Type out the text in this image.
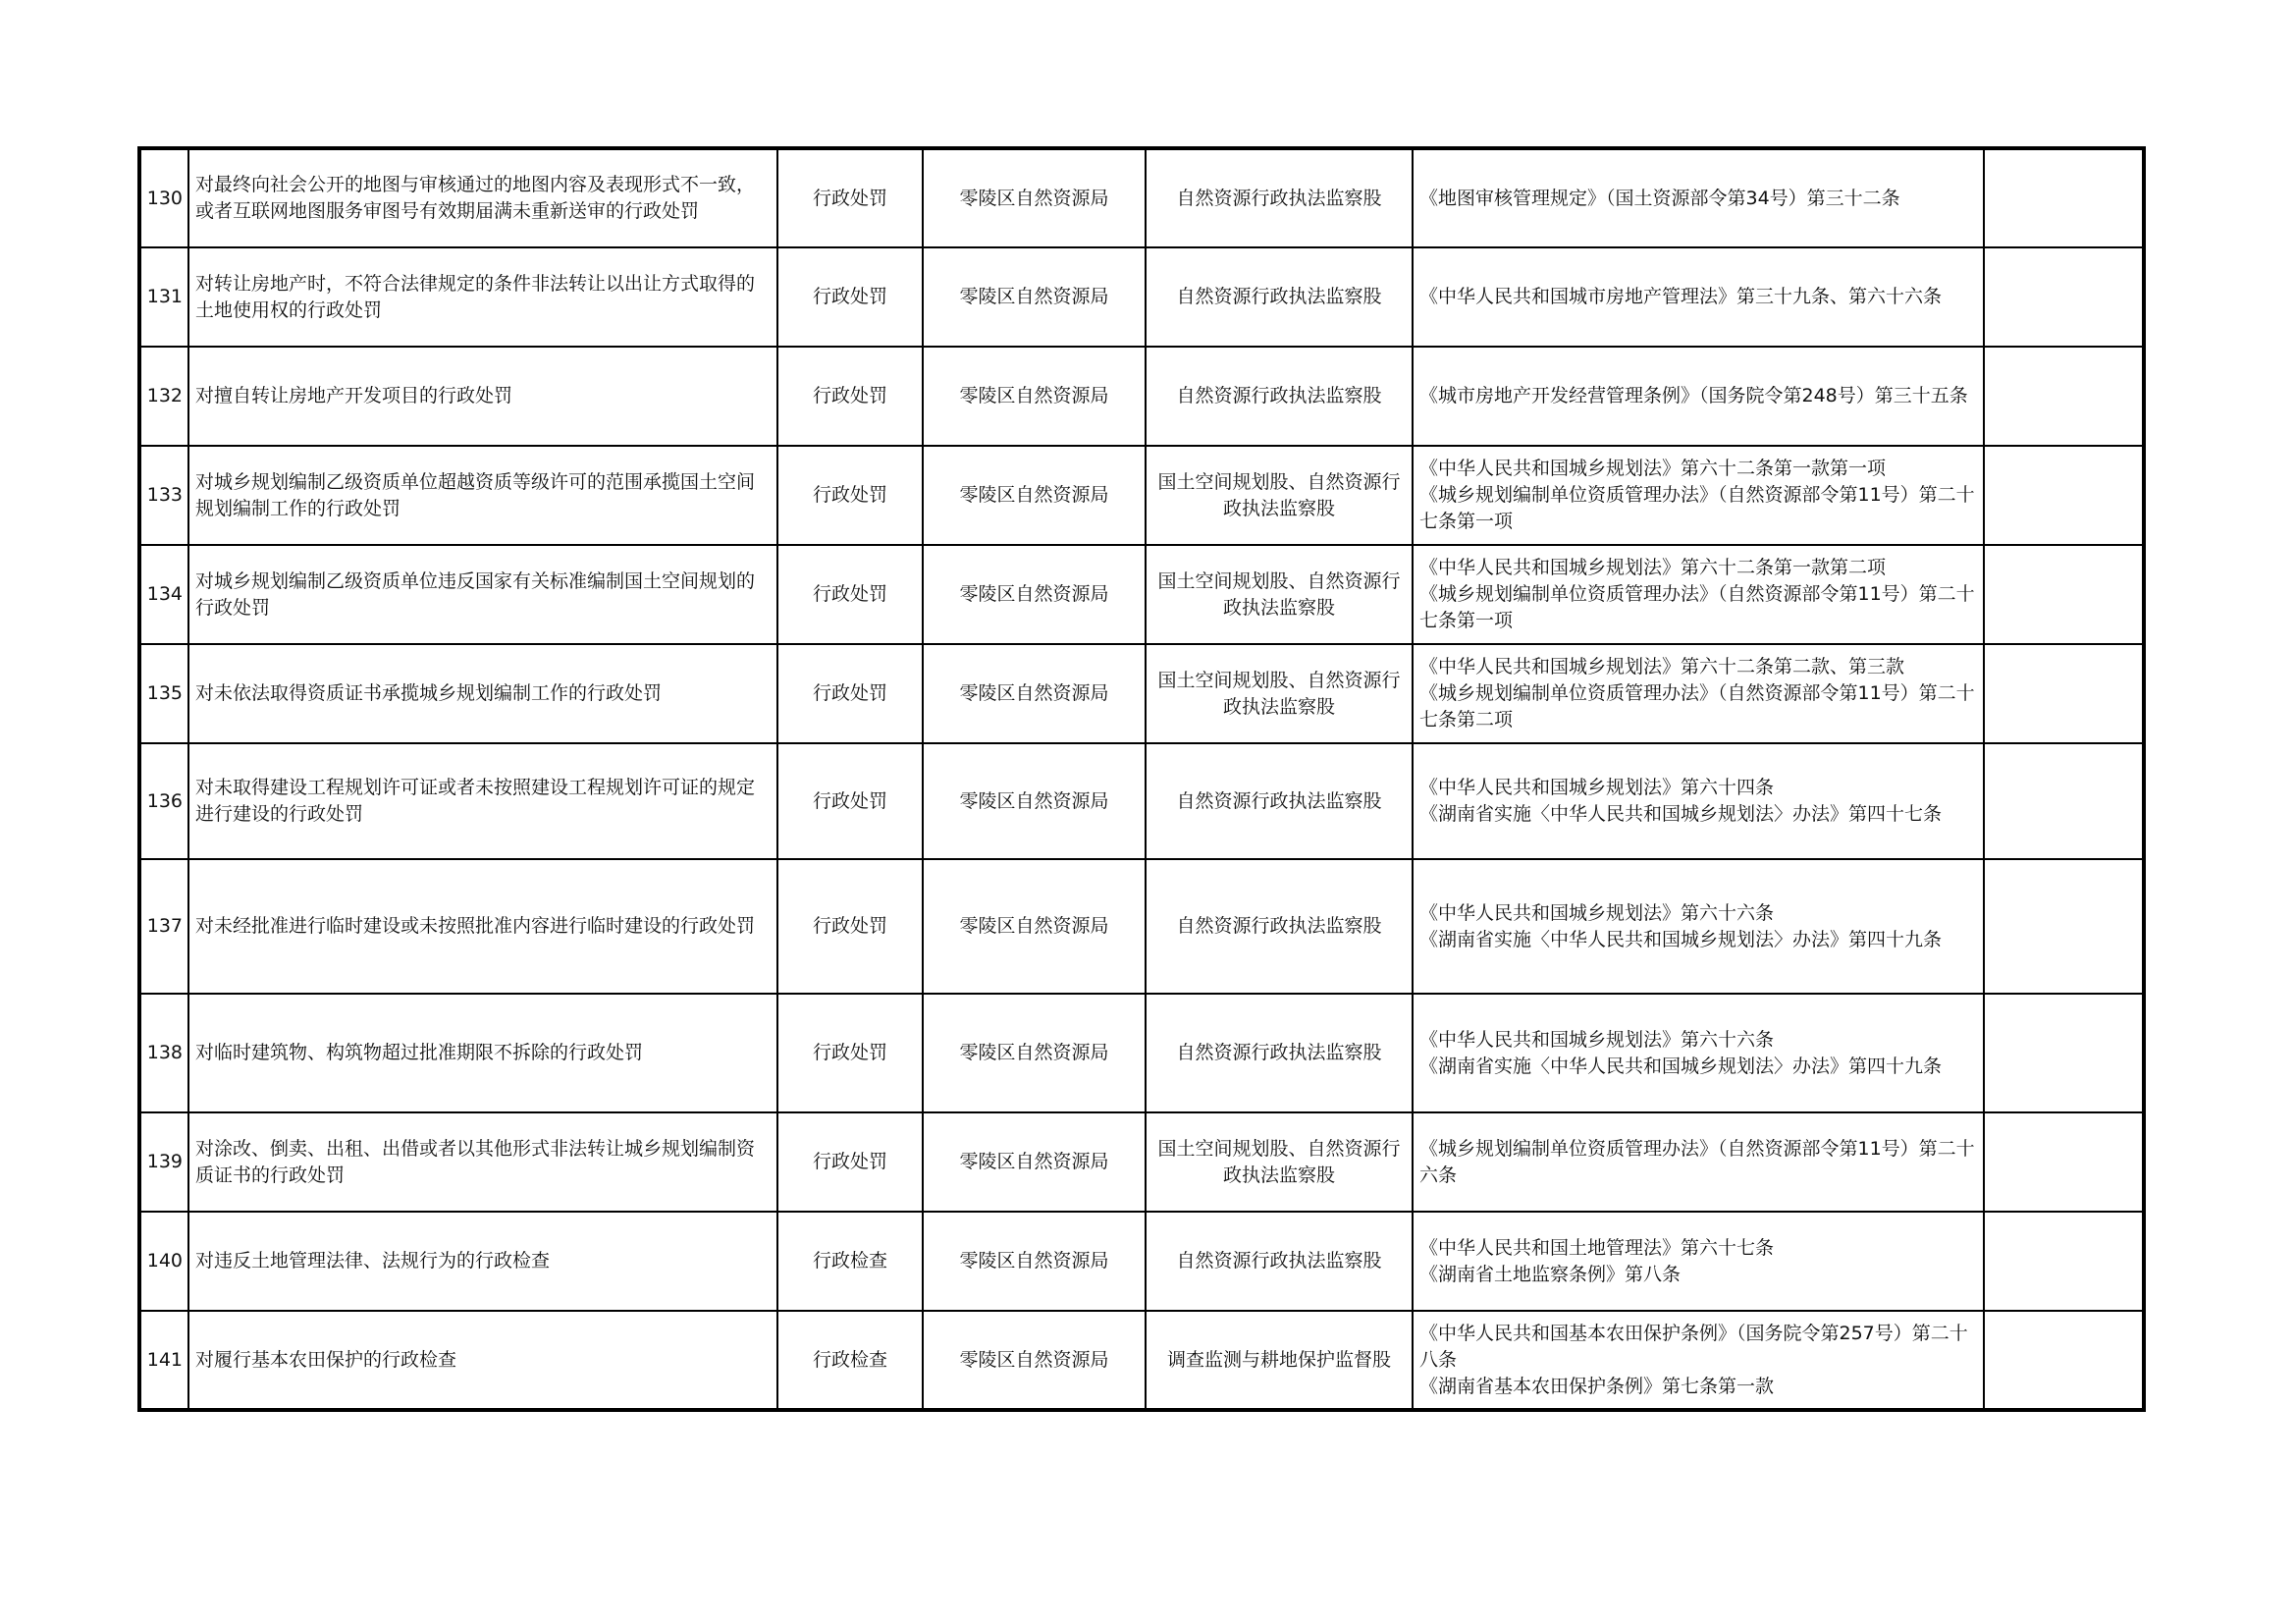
130	对最终向社会公开的地图与审核通过的地图内容及表现形式不一致，或者互联网地图服务审图号有效期届满未重新送审的行政处罚	行政处罚	零陵区自然资源局	自然资源行政执法监察股	《地图审核管理规定》（国土资源部令第34号）第三十二条	

131	对转让房地产时，不符合法律规定的条件非法转让以出让方式取得的土地使用权的行政处罚	行政处罚	零陵区自然资源局	自然资源行政执法监察股	《中华人民共和国城市房地产管理法》第三十九条、第六十六条	

132	对擅自转让房地产开发项目的行政处罚	行政处罚	零陵区自然资源局	自然资源行政执法监察股	《城市房地产开发经营管理条例》（国务院令第248号）第三十五条	

133	对城乡规划编制乙级资质单位超越资质等级许可的范围承揽国土空间规划编制工作的行政处罚	行政处罚	零陵区自然资源局	国土空间规划股、自然资源行政执法监察股	《中华人民共和国城乡规划法》第六十二条第一款第一项
《城乡规划编制单位资质管理办法》（自然资源部令第11号）第二十七条第一项	

134	对城乡规划编制乙级资质单位违反国家有关标准编制国土空间规划的行政处罚	行政处罚	零陵区自然资源局	国土空间规划股、自然资源行政执法监察股	《中华人民共和国城乡规划法》第六十二条第一款第二项
《城乡规划编制单位资质管理办法》（自然资源部令第11号）第二十七条第一项	

135	对未依法取得资质证书承揽城乡规划编制工作的行政处罚	行政处罚	零陵区自然资源局	国土空间规划股、自然资源行政执法监察股	《中华人民共和国城乡规划法》第六十二条第二款、第三款
《城乡规划编制单位资质管理办法》（自然资源部令第11号）第二十七条第二项	

136	对未取得建设工程规划许可证或者未按照建设工程规划许可证的规定进行建设的行政处罚	行政处罚	零陵区自然资源局	自然资源行政执法监察股	《中华人民共和国城乡规划法》第六十四条
《湖南省实施〈中华人民共和国城乡规划法〉办法》第四十七条	

137	对未经批准进行临时建设或未按照批准内容进行临时建设的行政处罚	行政处罚	零陵区自然资源局	自然资源行政执法监察股	《中华人民共和国城乡规划法》第六十六条
《湖南省实施〈中华人民共和国城乡规划法〉办法》第四十九条	

138	对临时建筑物、构筑物超过批准期限不拆除的行政处罚	行政处罚	零陵区自然资源局	自然资源行政执法监察股	《中华人民共和国城乡规划法》第六十六条
《湖南省实施〈中华人民共和国城乡规划法〉办法》第四十九条	

139	对涂改、倒卖、出租、出借或者以其他形式非法转让城乡规划编制资质证书的行政处罚	行政处罚	零陵区自然资源局	国土空间规划股、自然资源行政执法监察股	《城乡规划编制单位资质管理办法》（自然资源部令第11号）第二十六条	

140	对违反土地管理法律、法规行为的行政检查	行政检查	零陵区自然资源局	自然资源行政执法监察股	《中华人民共和国土地管理法》第六十七条
《湖南省土地监察条例》第八条	

141	对履行基本农田保护的行政检查	行政检查	零陵区自然资源局	调查监测与耕地保护监督股	《中华人民共和国基本农田保护条例》（国务院令第257号）第二十八条
《湖南省基本农田保护条例》第七条第一款	
